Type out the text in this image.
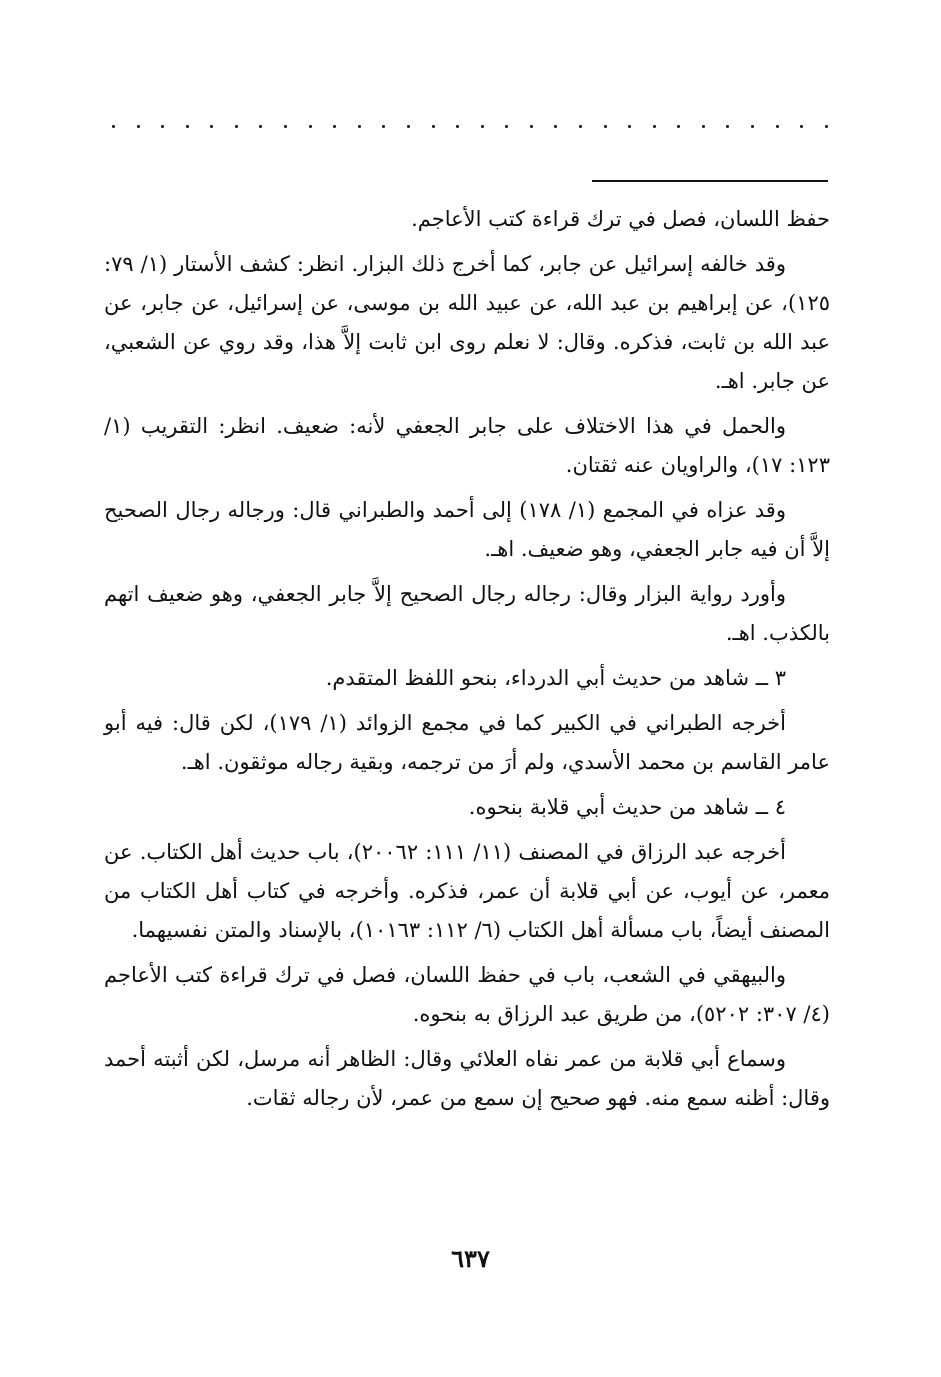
حفظ اللسان، فصل في ترك قراءة كتب الأعاجم.

وقد خالفه إسرائيل عن جابر، كما أخرج ذلك البزار. انظر: كشف الأستار (١/ ٧٩: ١٢٥)، عن إبراهيم بن عبد الله، عن عبيد الله بن موسى، عن إسرائيل، عن جابر، عن عبد الله بن ثابت، فذكره. وقال: لا نعلم روى ابن ثابت إلاَّ هذا، وقد روي عن الشعبي، عن جابر. اهـ.

والحمل في هذا الاختلاف على جابر الجعفي لأنه: ضعيف. انظر: التقريب (١/ ١٢٣: ١٧)، والراويان عنه ثقتان.

وقد عزاه في المجمع (١/ ١٧٨) إلى أحمد والطبراني قال: ورجاله رجال الصحيح إلاَّ أن فيه جابر الجعفي، وهو ضعيف. اهـ.

وأورد رواية البزار وقال: رجاله رجال الصحيح إلاَّ جابر الجعفي، وهو ضعيف اتهم بالكذب. اهـ.

٣ ــ شاهد من حديث أبي الدرداء، بنحو اللفظ المتقدم.

أخرجه الطبراني في الكبير كما في مجمع الزوائد (١/ ١٧٩)، لكن قال: فيه أبو عامر القاسم بن محمد الأسدي، ولم أرَ من ترجمه، وبقية رجاله موثقون. اهـ.

٤ ــ شاهد من حديث أبي قلابة بنحوه.

أخرجه عبد الرزاق في المصنف (١١/ ١١١: ٢٠٠٦٢)، باب حديث أهل الكتاب. عن معمر، عن أيوب، عن أبي قلابة أن عمر، فذكره. وأخرجه في كتاب أهل الكتاب من المصنف أيضاً، باب مسألة أهل الكتاب (٦/ ١١٢: ١٠١٦٣)، بالإسناد والمتن نفسيهما.

والبيهقي في الشعب، باب في حفظ اللسان، فصل في ترك قراءة كتب الأعاجم (٤/ ٣٠٧: ٥٢٠٢)، من طريق عبد الرزاق به بنحوه.

وسماع أبي قلابة من عمر نفاه العلائي وقال: الظاهر أنه مرسل، لكن أثبته أحمد وقال: أظنه سمع منه. فهو صحيح إن سمع من عمر، لأن رجاله ثقات.

٦٣٧
